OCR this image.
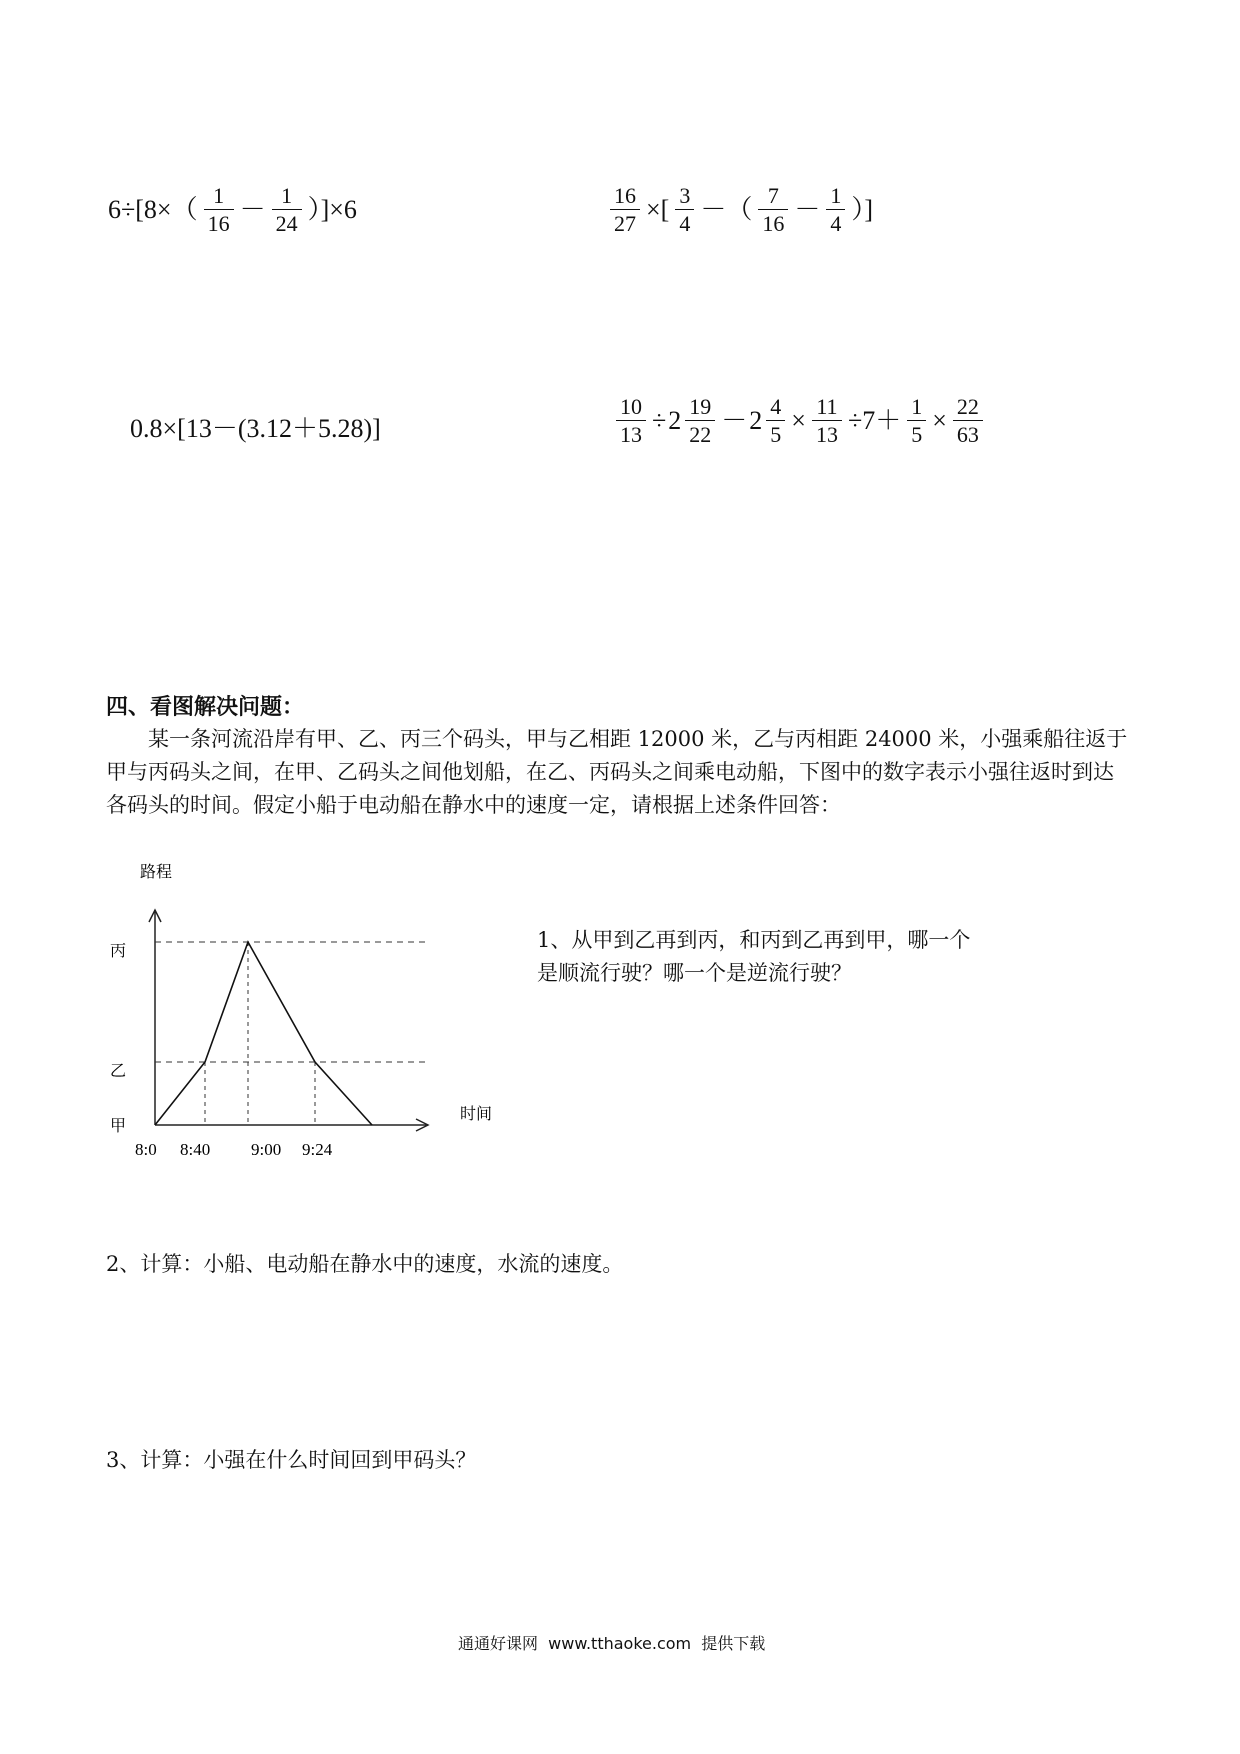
$6\div[8\times( \frac{1}{16} - \frac{1}{24} )]\times 6$	$\frac{16}{27}$ ×[ $\frac{3}{4}$ －（ $\frac{7}{16} - \frac{1}{4}$ ）]
0.8×[13－(3.12＋5.28)]	$\frac{10}{13} \div 2 \frac{19}{22} -2 \frac{4}{5} \times \frac{11}{13} \div 7+ \frac{1}{5} \times \frac{22}{63}$
四、看图解决问题：
某一条河流沿岸有甲、乙、丙三个码头，甲与乙相距 12000 米，乙与丙相距 24000 米，小强乘船往返于甲与丙码头之间，在甲、乙码头之间他划船，在乙、丙码头之间乘电动船，下图中的数字表示小强往返时到达各码头的时间。假定小船于电动船在静水中的速度一定，请根据上述条件回答：
路程
时间
丙
乙
甲
8:0 8:40 9:00 9:24
1、从甲到乙再到丙，和丙到乙再到甲，哪一个是顺流行驶？哪一个是逆流行驶？
2、计算：小船、电动船在静水中的速度，水流的速度。
3、计算：小强在什么时间回到甲码头？
通通好课网  www.tthaoke.com  提供下载
